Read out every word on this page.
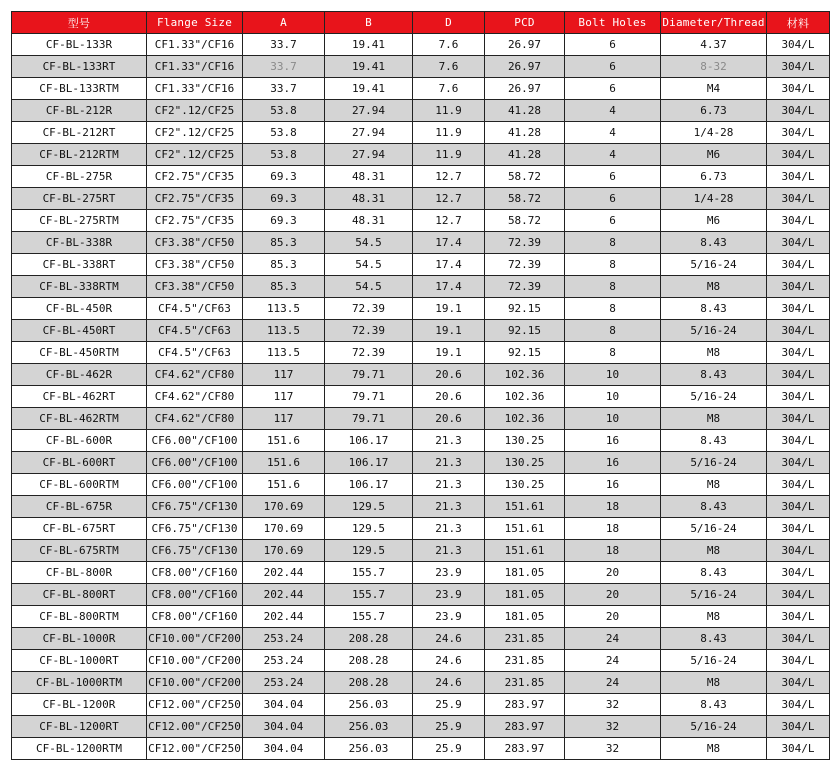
型号	Flange Size	A	B	D	PCD	Bolt Holes	Diameter/Thread	材料
CF-BL-133R	CF1.33"/CF16	33.7	19.41	7.6	26.97	6	4.37	304/L
CF-BL-133RT	CF1.33"/CF16	33.7	19.41	7.6	26.97	6	8-32	304/L
CF-BL-133RTM	CF1.33"/CF16	33.7	19.41	7.6	26.97	6	M4	304/L
CF-BL-212R	CF2".12/CF25	53.8	27.94	11.9	41.28	4	6.73	304/L
CF-BL-212RT	CF2".12/CF25	53.8	27.94	11.9	41.28	4	1/4-28	304/L
CF-BL-212RTM	CF2".12/CF25	53.8	27.94	11.9	41.28	4	M6	304/L
CF-BL-275R	CF2.75"/CF35	69.3	48.31	12.7	58.72	6	6.73	304/L
CF-BL-275RT	CF2.75"/CF35	69.3	48.31	12.7	58.72	6	1/4-28	304/L
CF-BL-275RTM	CF2.75"/CF35	69.3	48.31	12.7	58.72	6	M6	304/L
CF-BL-338R	CF3.38"/CF50	85.3	54.5	17.4	72.39	8	8.43	304/L
CF-BL-338RT	CF3.38"/CF50	85.3	54.5	17.4	72.39	8	5/16-24	304/L
CF-BL-338RTM	CF3.38"/CF50	85.3	54.5	17.4	72.39	8	M8	304/L
CF-BL-450R	CF4.5"/CF63	113.5	72.39	19.1	92.15	8	8.43	304/L
CF-BL-450RT	CF4.5"/CF63	113.5	72.39	19.1	92.15	8	5/16-24	304/L
CF-BL-450RTM	CF4.5"/CF63	113.5	72.39	19.1	92.15	8	M8	304/L
CF-BL-462R	CF4.62"/CF80	117	79.71	20.6	102.36	10	8.43	304/L
CF-BL-462RT	CF4.62"/CF80	117	79.71	20.6	102.36	10	5/16-24	304/L
CF-BL-462RTM	CF4.62"/CF80	117	79.71	20.6	102.36	10	M8	304/L
CF-BL-600R	CF6.00"/CF100	151.6	106.17	21.3	130.25	16	8.43	304/L
CF-BL-600RT	CF6.00"/CF100	151.6	106.17	21.3	130.25	16	5/16-24	304/L
CF-BL-600RTM	CF6.00"/CF100	151.6	106.17	21.3	130.25	16	M8	304/L
CF-BL-675R	CF6.75"/CF130	170.69	129.5	21.3	151.61	18	8.43	304/L
CF-BL-675RT	CF6.75"/CF130	170.69	129.5	21.3	151.61	18	5/16-24	304/L
CF-BL-675RTM	CF6.75"/CF130	170.69	129.5	21.3	151.61	18	M8	304/L
CF-BL-800R	CF8.00"/CF160	202.44	155.7	23.9	181.05	20	8.43	304/L
CF-BL-800RT	CF8.00"/CF160	202.44	155.7	23.9	181.05	20	5/16-24	304/L
CF-BL-800RTM	CF8.00"/CF160	202.44	155.7	23.9	181.05	20	M8	304/L
CF-BL-1000R	CF10.00"/CF200	253.24	208.28	24.6	231.85	24	8.43	304/L
CF-BL-1000RT	CF10.00"/CF200	253.24	208.28	24.6	231.85	24	5/16-24	304/L
CF-BL-1000RTM	CF10.00"/CF200	253.24	208.28	24.6	231.85	24	M8	304/L
CF-BL-1200R	CF12.00"/CF250	304.04	256.03	25.9	283.97	32	8.43	304/L
CF-BL-1200RT	CF12.00"/CF250	304.04	256.03	25.9	283.97	32	5/16-24	304/L
CF-BL-1200RTM	CF12.00"/CF250	304.04	256.03	25.9	283.97	32	M8	304/L
